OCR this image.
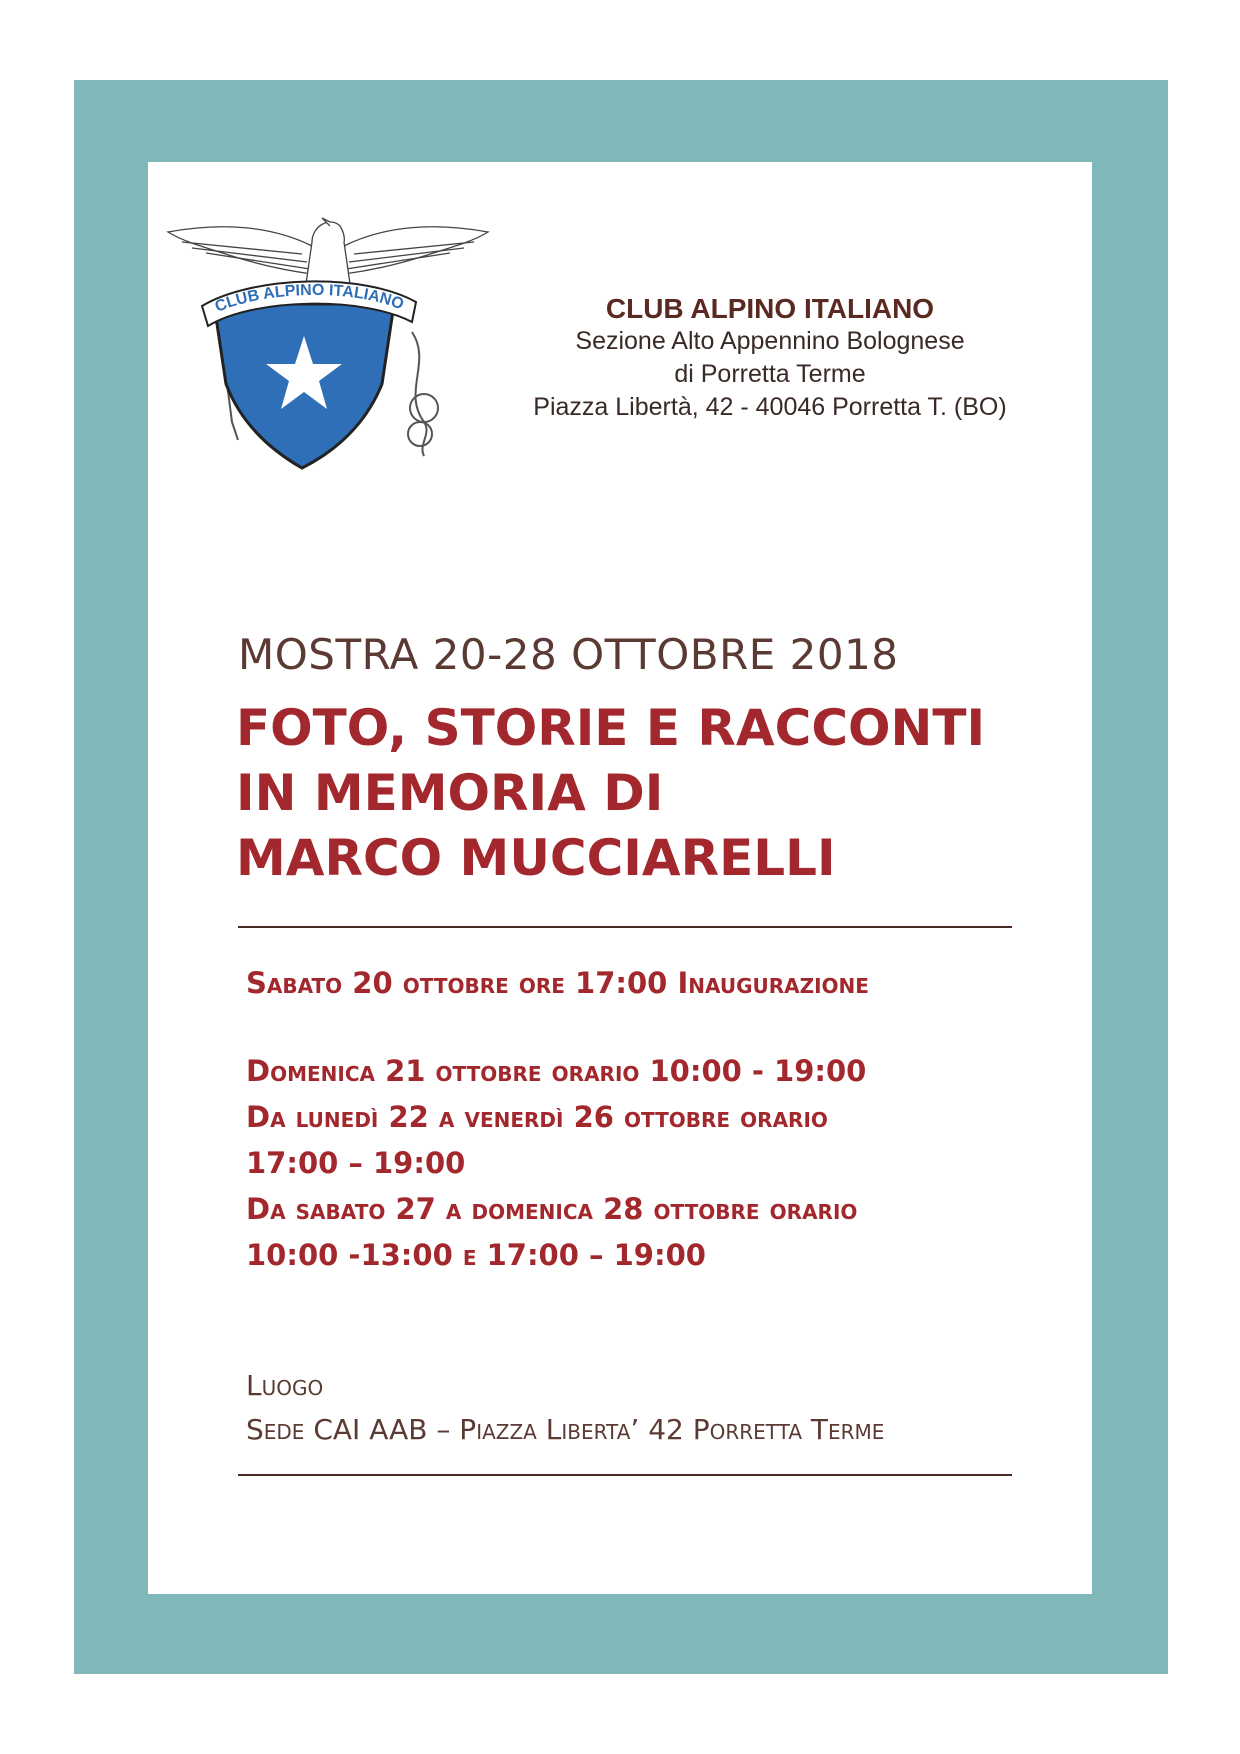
CLUB ALPINO ITALIANO	CLUB ALPINO ITALIANO
Sezione Alto Appennino Bolognese
di Porretta Terme
Piazza Libertà, 42 - 40046 Porretta T. (BO)
MOSTRA 20-28 OTTOBRE 2018
FOTO, STORIE E RACCONTI
IN MEMORIA DI
MARCO MUCCIARELLI

Sabato 20 ottobre ore 17:00 Inaugurazione

Domenica 21 ottobre orario 10:00 - 19:00

Da lunedì 22 a venerdì 26 ottobre orario

17:00 – 19:00

Da sabato 27 a domenica 28 ottobre orario

10:00 -13:00 e 17:00 – 19:00

Luogo

Sede CAI AAB – Piazza Liberta’ 42 Porretta Terme
